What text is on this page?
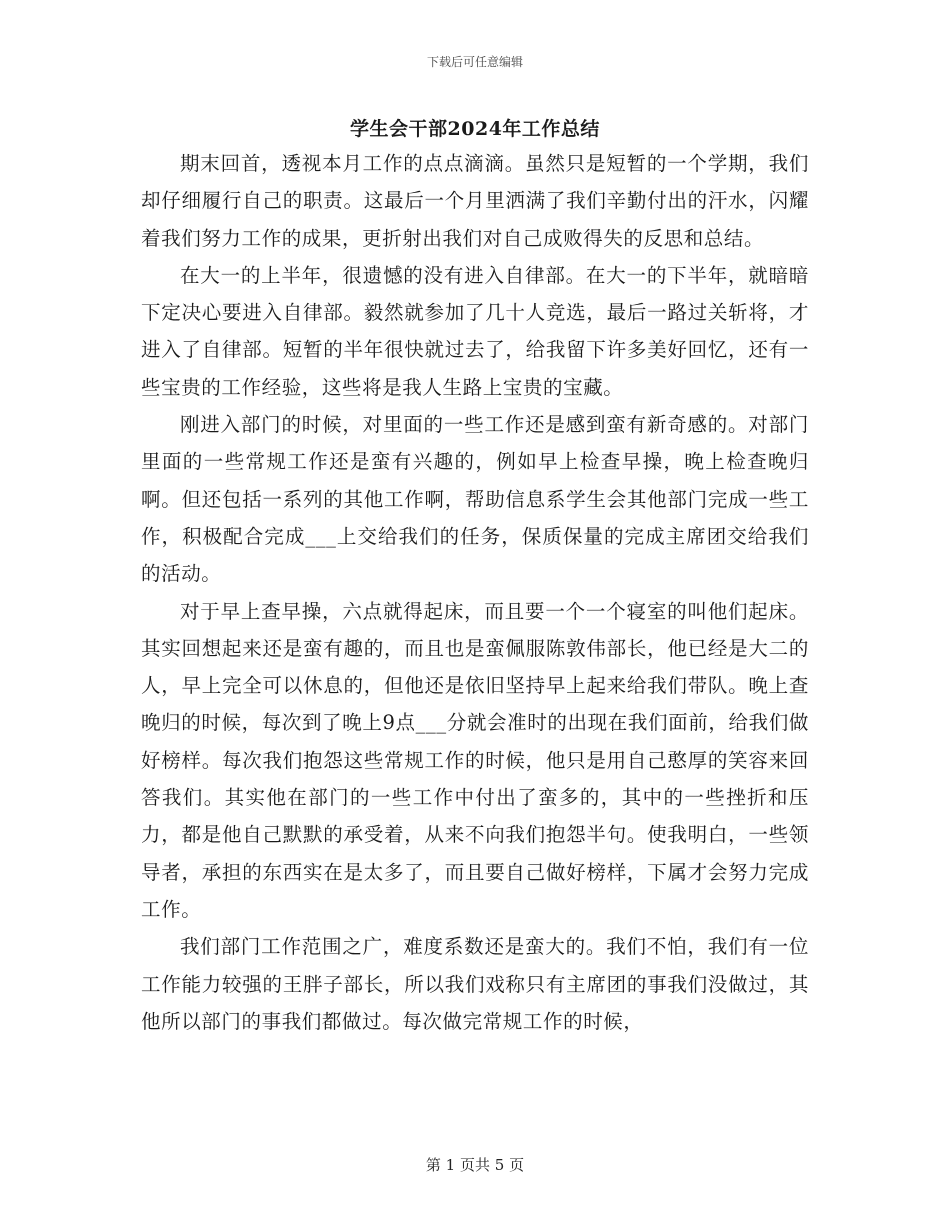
下载后可任意编辑
学生会干部2024年工作总结

期末回首，透视本月工作的点点滴滴。虽然只是短暂的一个学期，我们却仔细履行自己的职责。这最后一个月里洒满了我们辛勤付出的汗水，闪耀着我们努力工作的成果，更折射出我们对自己成败得失的反思和总结。

在大一的上半年，很遗憾的没有进入自律部。在大一的下半年，就暗暗下定决心要进入自律部。毅然就参加了几十人竞选，最后一路过关斩将，才进入了自律部。短暂的半年很快就过去了，给我留下许多美好回忆，还有一些宝贵的工作经验，这些将是我人生路上宝贵的宝藏。

刚进入部门的时候，对里面的一些工作还是感到蛮有新奇感的。对部门里面的一些常规工作还是蛮有兴趣的，例如早上检查早操，晚上检查晚归啊。但还包括一系列的其他工作啊，帮助信息系学生会其他部门完成一些工作，积极配合完成___上交给我们的任务，保质保量的完成主席团交给我们的活动。

对于早上查早操，六点就得起床，而且要一个一个寝室的叫他们起床。其实回想起来还是蛮有趣的，而且也是蛮佩服陈敦伟部长，他已经是大二的人，早上完全可以休息的，但他还是依旧坚持早上起来给我们带队。晚上查晚归的时候，每次到了晚上9点___分就会准时的出现在我们面前，给我们做好榜样。每次我们抱怨这些常规工作的时候，他只是用自己憨厚的笑容来回答我们。其实他在部门的一些工作中付出了蛮多的，其中的一些挫折和压力，都是他自己默默的承受着，从来不向我们抱怨半句。使我明白，一些领导者，承担的东西实在是太多了，而且要自己做好榜样，下属才会努力完成工作。

我们部门工作范围之广，难度系数还是蛮大的。我们不怕，我们有一位工作能力较强的王胖子部长，所以我们戏称只有主席团的事我们没做过，其他所以部门的事我们都做过。每次做完常规工作的时候，

第 1 页共 5 页
